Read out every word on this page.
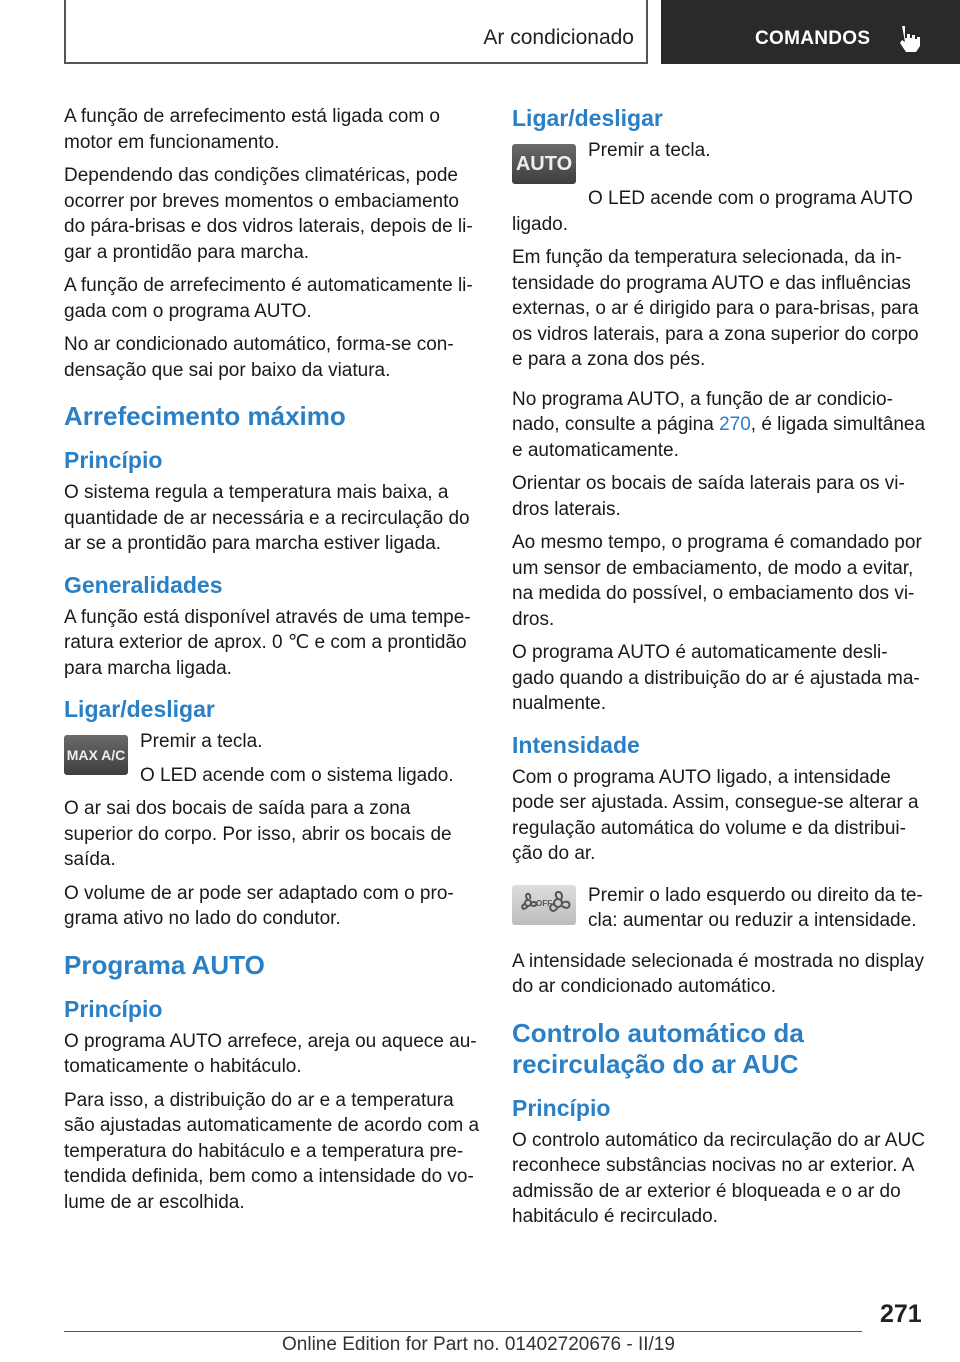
Ar condicionado	COMANDOS

A função de arrefecimento está ligada com o motor em funcionamento.

Dependendo das condições climatéricas, pode ocorrer por breves momentos o embaciamento do pára-brisas e dos vidros laterais, depois de li-gar a prontidão para marcha.

A função de arrefecimento é automaticamente li-gada com o programa AUTO.

No ar condicionado automático, forma-se con-densação que sai por baixo da viatura.

Arrefecimento máximo
Princípio

O sistema regula a temperatura mais baixa, a quantidade de ar necessária e a recirculação do ar se a prontidão para marcha estiver ligada.

Generalidades

A função está disponível através de uma tempe-ratura exterior de aprox. 0 ℃ e com a prontidão para marcha ligada.

Ligar/desligar
MAX A/C

Premir a tecla.

O LED acende com o sistema ligado.

O ar sai dos bocais de saída para a zona superior do corpo. Por isso, abrir os bocais de saída.

O volume de ar pode ser adaptado com o pro-grama ativo no lado do condutor.

Programa AUTO
Princípio

O programa AUTO arrefece, areja ou aquece au-tomaticamente o habitáculo.

Para isso, a distribuição do ar e a temperatura são ajustadas automaticamente de acordo com a temperatura do habitáculo e a temperatura pre-tendida definida, bem como a intensidade do vo-lume de ar escolhida.

Ligar/desligar
AUTO

Premir a tecla.

O LED acende com o programa AUTO ligado.

Em função da temperatura selecionada, da in-tensidade do programa AUTO e das influências externas, o ar é dirigido para o para-brisas, para os vidros laterais, para a zona superior do corpo e para a zona dos pés.

No programa AUTO, a função de ar condicio-nado, consulte a página 270, é ligada simultânea e automaticamente.

Orientar os bocais de saída laterais para os vi-dros laterais.

Ao mesmo tempo, o programa é comandado por um sensor de embaciamento, de modo a evitar, na medida do possível, o embaciamento dos vi-dros.

O programa AUTO é automaticamente desli-gado quando a distribuição do ar é ajustada ma-nualmente.

Intensidade

Com o programa AUTO ligado, a intensidade pode ser ajustada. Assim, consegue-se alterar a regulação automática do volume e da distribui-ção do ar.

OFF Premir o lado esquerdo ou direito da te-cla: aumentar ou reduzir a intensidade.

A intensidade selecionada é mostrada no display do ar condicionado automático.

Controlo automático da recirculação do ar AUC
Princípio

O controlo automático da recirculação do ar AUC reconhece substâncias nocivas no ar exterior. A admissão de ar exterior é bloqueada e o ar do habitáculo é recirculado.

271
Online Edition for Part no. 01402720676 - II/19
